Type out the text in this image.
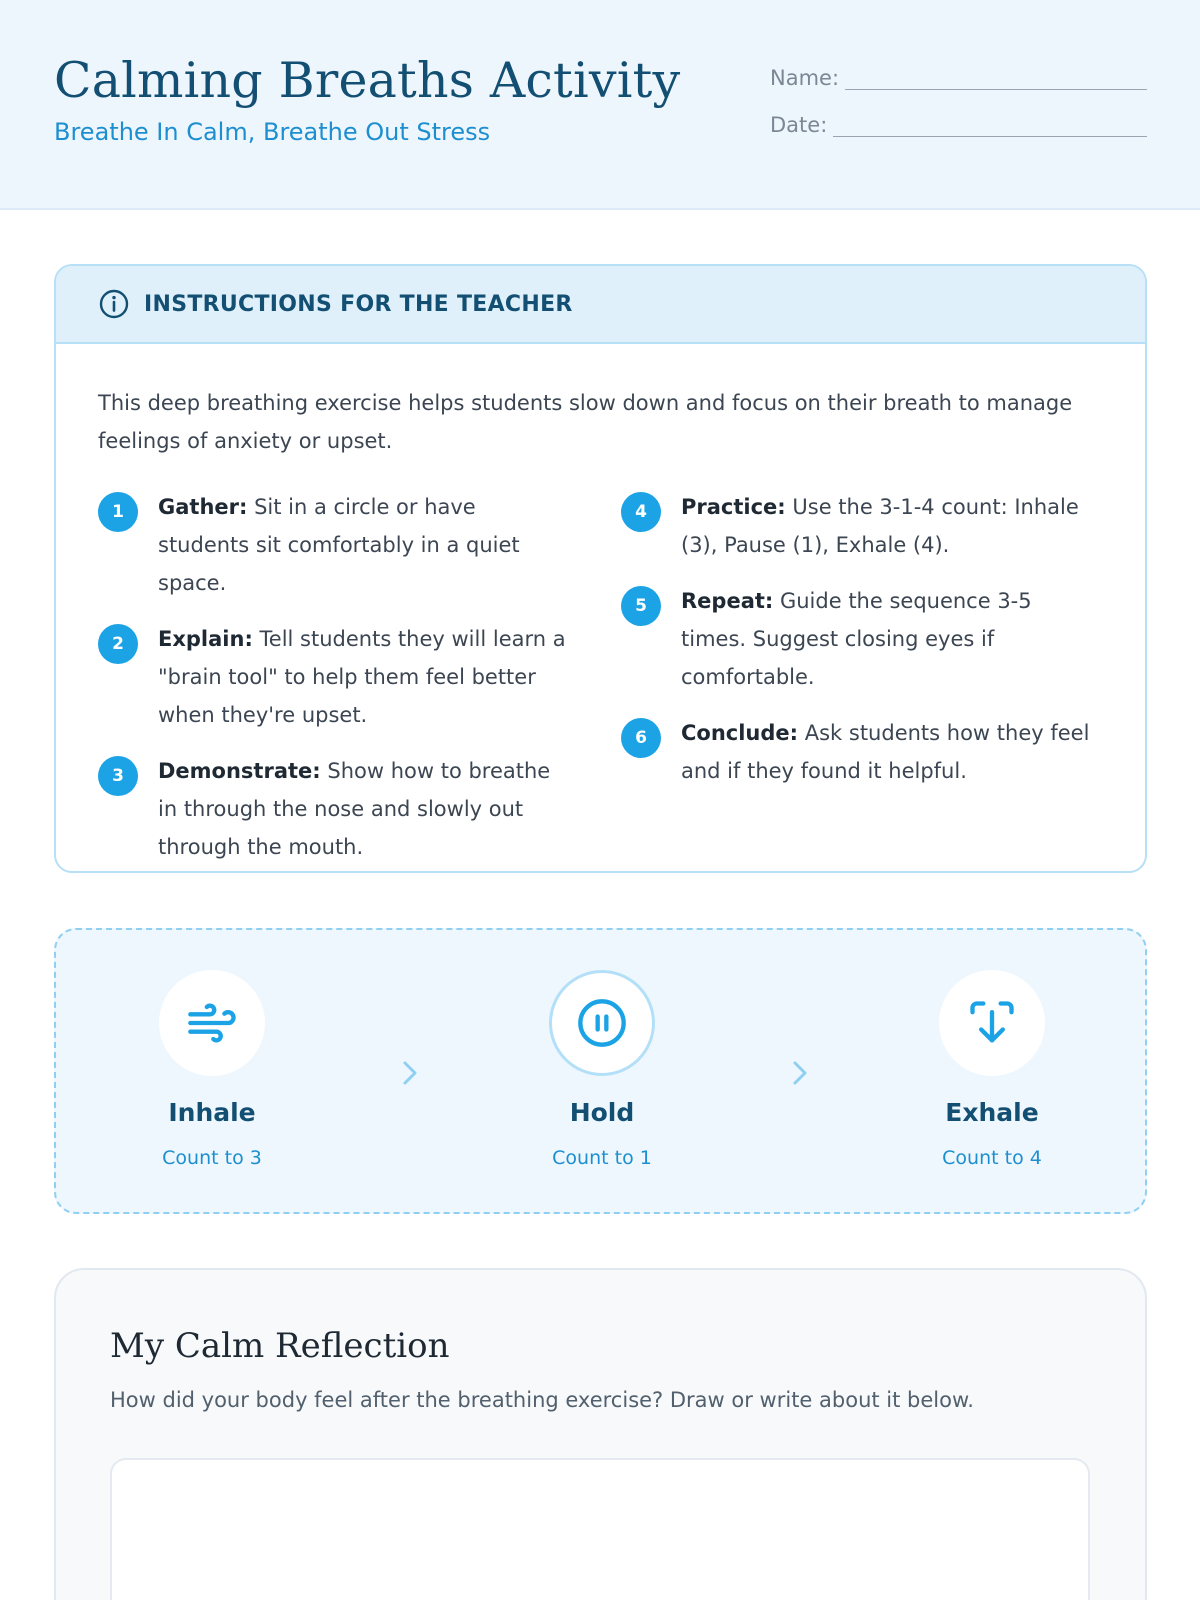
Calming Breaths Activity
Breathe In Calm, Breathe Out Stress
Name:
Date:
INSTRUCTIONS FOR THE TEACHER
This deep breathing exercise helps students slow down and focus on their breath to manage feelings of anxiety or upset.
1	Gather: Sit in a circle or have students sit comfortably in a quiet space.
2	Explain: Tell students they will learn a "brain tool" to help them feel better when they're upset.
3	Demonstrate: Show how to breathe in through the nose and slowly out through the mouth.
4	Practice: Use the 3-1-4 count: Inhale (3), Pause (1), Exhale (4).
5	Repeat: Guide the sequence 3-5 times. Suggest closing eyes if comfortable.
6	Conclude: Ask students how they feel and if they found it helpful.
Inhale
Count to 3
Hold
Count to 1
Exhale
Count to 4
My Calm Reflection
How did your body feel after the breathing exercise? Draw or write about it below.
